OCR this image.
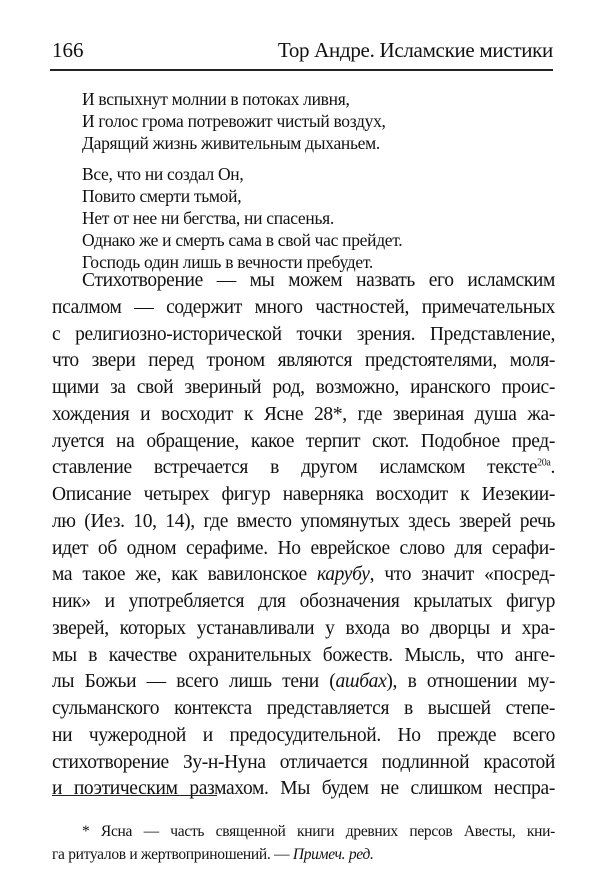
166	Тор Андре. Исламские мистики
И вспыхнут молнии в потоках ливня,
И голос грома потревожит чистый воздух,
Дарящий жизнь живительным дыханьем.
Все, что ни создал Он,
Повито смерти тьмой,
Нет от нее ни бегства, ни спасенья.
Однако же и смерть сама в свой час прейдет.
Господь один лишь в вечности пребудет.
Стихотворение — мы можем назвать его исламским
псалмом — содержит много частностей, примечательных
с религиозно-исторической точки зрения. Представление,
что звери перед троном являются предстоятелями, моля-
щими за свой звериный род, возможно, иранского проис-
хождения и восходит к Ясне 28*, где звериная душа жа-
луется на обращение, какое терпит скот. Подобное пред-
ставление встречается в другом исламском тексте$^{20a}$.
Описание четырех фигур наверняка восходит к Иезекии-
лю (Иез. 10, 14), где вместо упомянутых здесь зверей речь
идет об одном серафиме. Но еврейское слово для серафи-
ма такое же, как вавилонское карубу, что значит «посред-
ник» и употребляется для обозначения крылатых фигур
зверей, которых устанавливали у входа во дворцы и хра-
мы в качестве охранительных божеств. Мысль, что анге-
лы Божьи — всего лишь тени (ашбах), в отношении му-
сульманского контекста представляется в высшей степе-
ни чужеродной и предосудительной. Но прежде всего
стихотворение Зу-н-Нуна отличается подлинной красотой
и поэтическим размахом. Мы будем не слишком неспра-
* Ясна — часть священной книги древних персов Авесты, кни-
га ритуалов и жертвоприношений. — Примеч. ред.
